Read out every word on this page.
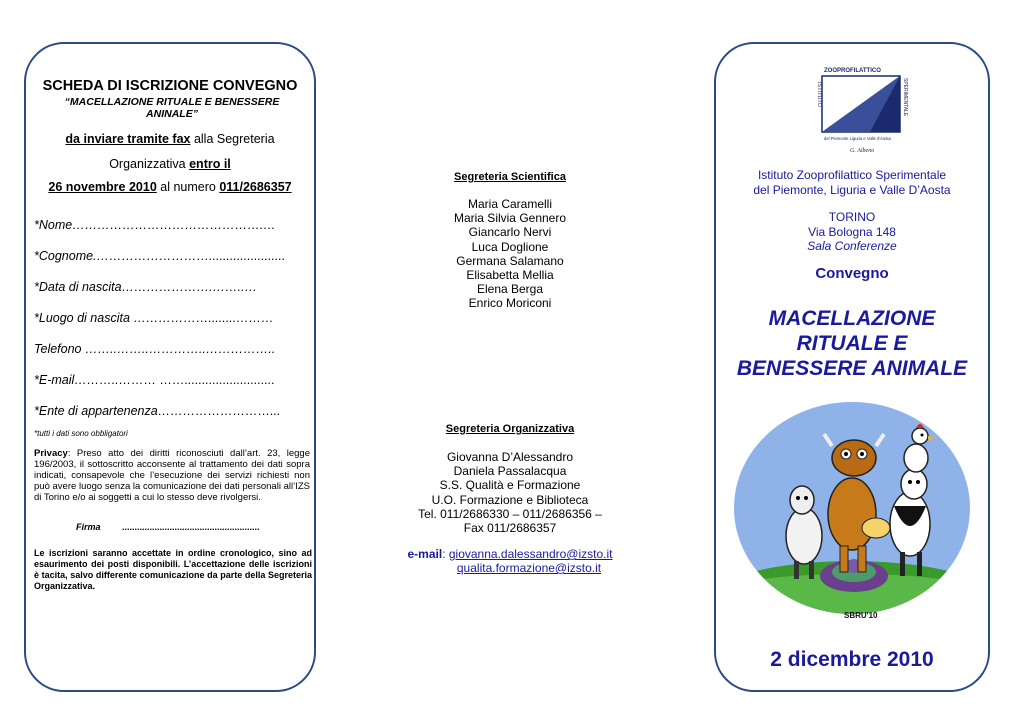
SCHEDA DI ISCRIZIONE CONVEGNO
“MACELLAZIONE RITUALE E BENESSERE ANINALE”
da inviare tramite fax alla Segreteria
Organizzativa entro il
26 novembre 2010 al numero 011/2686357
*Nome……………………………………….…
*Cognome.………………………......................
*Data di nascita………………….……..…
*Luogo di nascita ………………........………
Telefono ……..……..…………..……………..
*E-mail………..……… ……..........................
*Ente di appartenenza………………………...
*tutti i dati sono obbligatori
Privacy: Preso atto dei diritti riconosciuti dall’art. 23, legge 196/2003, il sottoscritto acconsente al trattamento dei dati sopra indicati, consapevole che l’esecuzione dei servizi richiesti non può avere luogo senza la comunicazione dei dati personali all’IZS di Torino e/o ai soggetti a cui lo stesso deve rivolgersi.
Firma .......................................................
Le iscrizioni saranno accettate in ordine cronologico, sino ad esaurimento dei posti disponibili. L’accettazione delle iscrizioni è tacita, salvo differente comunicazione da parte della Segreteria Organizzativa.
Segreteria Scientifica
Maria Caramelli
Maria Silvia Gennero
Giancarlo Nervi
Luca Doglione
Germana Salamano
Elisabetta Mellia
Elena Berga
Enrico Moriconi
Segreteria Organizzativa
Giovanna D’Alessandro
Daniela Passalacqua
S.S. Qualità e Formazione
U.O. Formazione e Biblioteca
Tel. 011/2686330 – 011/2686356 –
Fax 011/2686357
e-mail: giovanna.dalessandro@izsto.it
qualita.formazione@izsto.it
ZOOPROFILATTICO
ISTITUTO	SPERIMENTALE
del Piemonte Liguria e Valle d'Aosta
G. Albeno
Istituto Zooprofilattico Sperimentale
del Piemonte, Liguria e Valle D’Aosta
TORINO
Via Bologna 148
Sala Conferenze
Convegno
MACELLAZIONE
RITUALE E
BENESSERE ANIMALE
SBRU'10
2 dicembre 2010
